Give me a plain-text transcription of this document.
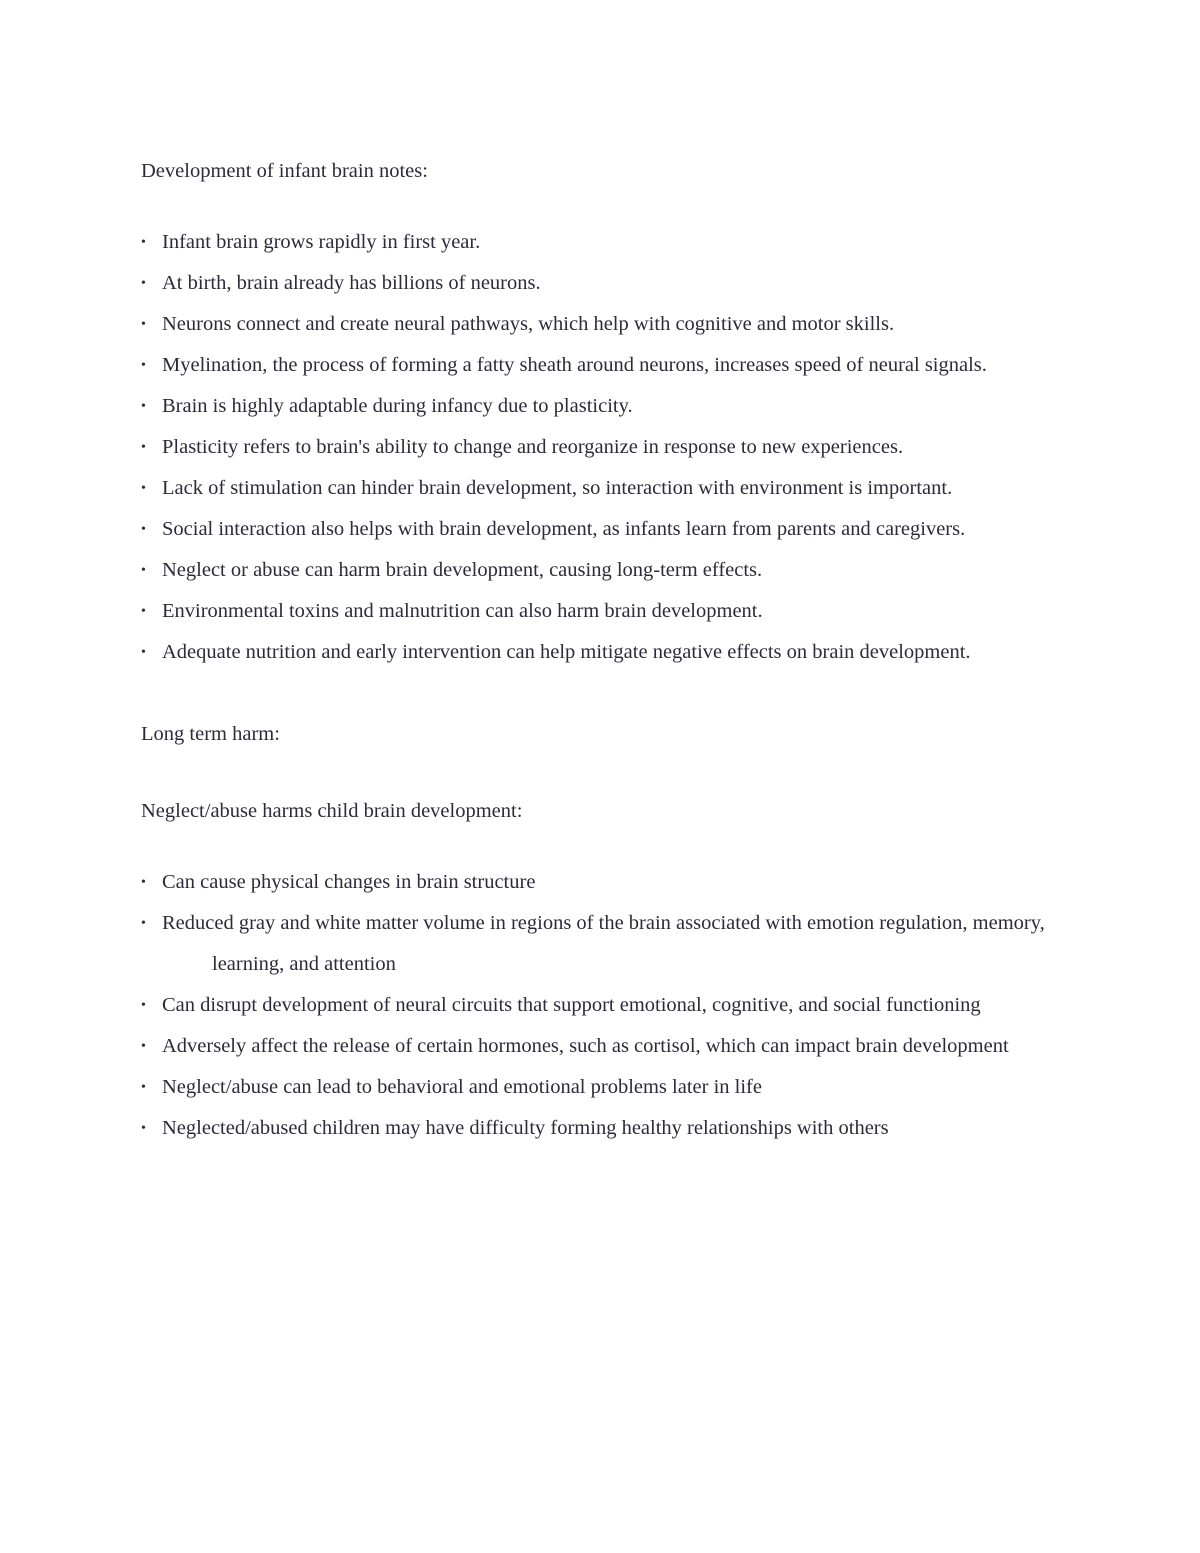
Development of infant brain notes:

• Infant brain grows rapidly in first year.
• At birth, brain already has billions of neurons.
• Neurons connect and create neural pathways, which help with cognitive and motor skills.
• Myelination, the process of forming a fatty sheath around neurons, increases speed of neural signals.
• Brain is highly adaptable during infancy due to plasticity.
• Plasticity refers to brain's ability to change and reorganize in response to new experiences.
• Lack of stimulation can hinder brain development, so interaction with environment is important.
• Social interaction also helps with brain development, as infants learn from parents and caregivers.
• Neglect or abuse can harm brain development, causing long-term effects.
• Environmental toxins and malnutrition can also harm brain development.
• Adequate nutrition and early intervention can help mitigate negative effects on brain development.

Long term harm:

Neglect/abuse harms child brain development:

• Can cause physical changes in brain structure
• Reduced gray and white matter volume in regions of the brain associated with emotion regulation, memory, learning, and attention
• Can disrupt development of neural circuits that support emotional, cognitive, and social functioning
• Adversely affect the release of certain hormones, such as cortisol, which can impact brain development
• Neglect/abuse can lead to behavioral and emotional problems later in life
• Neglected/abused children may have difficulty forming healthy relationships with others
